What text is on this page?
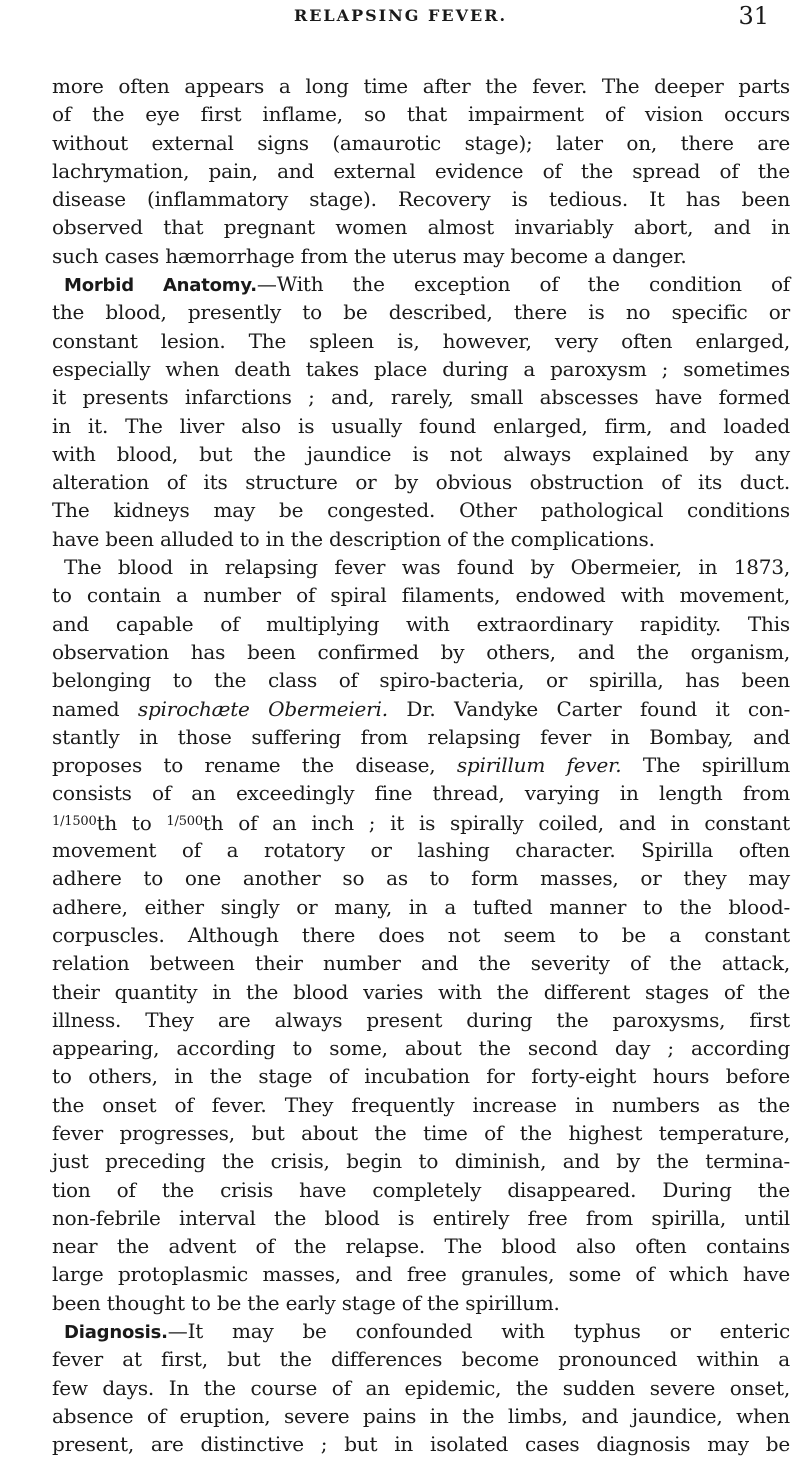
RELAPSING FEVER.	31
more often appears a long time after the fever. The deeper parts
of the eye first inflame, so that impairment of vision occurs
without external signs (amaurotic stage); later on, there are
lachrymation, pain, and external evidence of the spread of the
disease (inflammatory stage). Recovery is tedious. It has been
observed that pregnant women almost invariably abort, and in
such cases hæmorrhage from the uterus may become a danger.
Morbid Anatomy.—With the exception of the condition of
the blood, presently to be described, there is no specific or
constant lesion. The spleen is, however, very often enlarged,
especially when death takes place during a paroxysm ; sometimes
it presents infarctions ; and, rarely, small abscesses have formed
in it. The liver also is usually found enlarged, firm, and loaded
with blood, but the jaundice is not always explained by any
alteration of its structure or by obvious obstruction of its duct.
The kidneys may be congested. Other pathological conditions
have been alluded to in the description of the complications.
The blood in relapsing fever was found by Obermeier, in 1873,
to contain a number of spiral filaments, endowed with movement,
and capable of multiplying with extraordinary rapidity. This
observation has been confirmed by others, and the organism,
belonging to the class of spiro-bacteria, or spirilla, has been
named spirochæte Obermeieri. Dr. Vandyke Carter found it con-
stantly in those suffering from relapsing fever in Bombay, and
proposes to rename the disease, spirillum fever. The spirillum
consists of an exceedingly fine thread, varying in length from
$^{1/1500}$th to $^{1/500}$th of an inch ; it is spirally coiled, and in constant
movement of a rotatory or lashing character. Spirilla often
adhere to one another so as to form masses, or they may
adhere, either singly or many, in a tufted manner to the blood-
corpuscles. Although there does not seem to be a constant
relation between their number and the severity of the attack,
their quantity in the blood varies with the different stages of the
illness. They are always present during the paroxysms, first
appearing, according to some, about the second day ; according
to others, in the stage of incubation for forty-eight hours before
the onset of fever. They frequently increase in numbers as the
fever progresses, but about the time of the highest temperature,
just preceding the crisis, begin to diminish, and by the termina-
tion of the crisis have completely disappeared. During the
non-febrile interval the blood is entirely free from spirilla, until
near the advent of the relapse. The blood also often contains
large protoplasmic masses, and free granules, some of which have
been thought to be the early stage of the spirillum.
Diagnosis.—It may be confounded with typhus or enteric
fever at first, but the differences become pronounced within a
few days. In the course of an epidemic, the sudden severe onset,
absence of eruption, severe pains in the limbs, and jaundice, when
present, are distinctive ; but in isolated cases diagnosis may be
